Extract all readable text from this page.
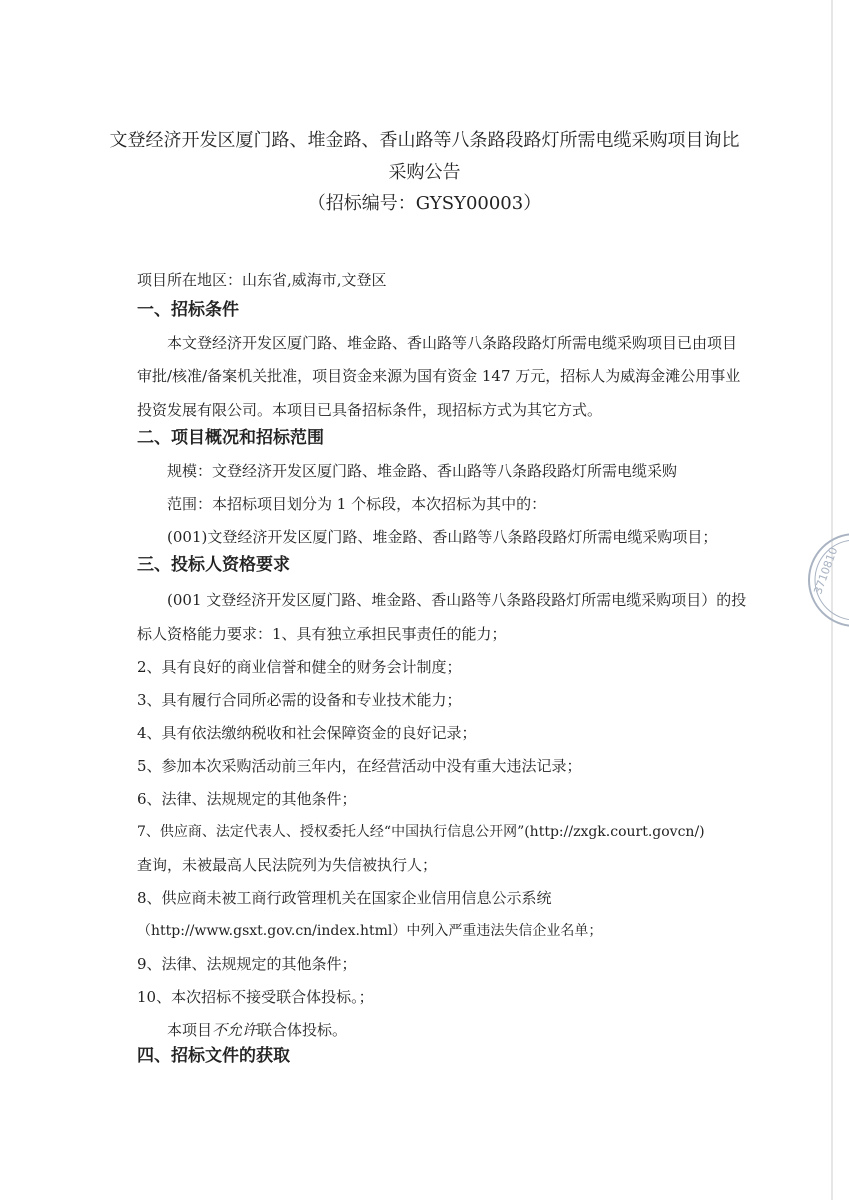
文登经济开发区厦门路、堆金路、香山路等八条路段路灯所需电缆采购项目询比
采购公告
（招标编号：GYSY00003）
项目所在地区：山东省,威海市,文登区
一、招标条件
本文登经济开发区厦门路、堆金路、香山路等八条路段路灯所需电缆采购项目已由项目
审批/核准/备案机关批准，项目资金来源为国有资金 147 万元，招标人为威海金滩公用事业
投资发展有限公司。本项目已具备招标条件，现招标方式为其它方式。
二、项目概况和招标范围
规模：文登经济开发区厦门路、堆金路、香山路等八条路段路灯所需电缆采购
范围：本招标项目划分为 1 个标段，本次招标为其中的：
(001)文登经济开发区厦门路、堆金路、香山路等八条路段路灯所需电缆采购项目；
三、投标人资格要求
(001 文登经济开发区厦门路、堆金路、香山路等八条路段路灯所需电缆采购项目）的投
标人资格能力要求：1、具有独立承担民事责任的能力；
2、具有良好的商业信誉和健全的财务会计制度；
3、具有履行合同所必需的设备和专业技术能力；
4、具有依法缴纳税收和社会保障资金的良好记录；
5、参加本次采购活动前三年内，在经营活动中没有重大违法记录；
6、法律、法规规定的其他条件；
7、供应商、法定代表人、授权委托人经“中国执行信息公开网”(http://zxgk.court.govcn/)
查询，未被最高人民法院列为失信被执行人；
8、供应商未被工商行政管理机关在国家企业信用信息公示系统
（http://www.gsxt.gov.cn/index.html）中列入严重违法失信企业名单；
9、法律、法规规定的其他条件；
10、本次招标不接受联合体投标。；
本项目不允许联合体投标。
四、招标文件的获取
3710810
